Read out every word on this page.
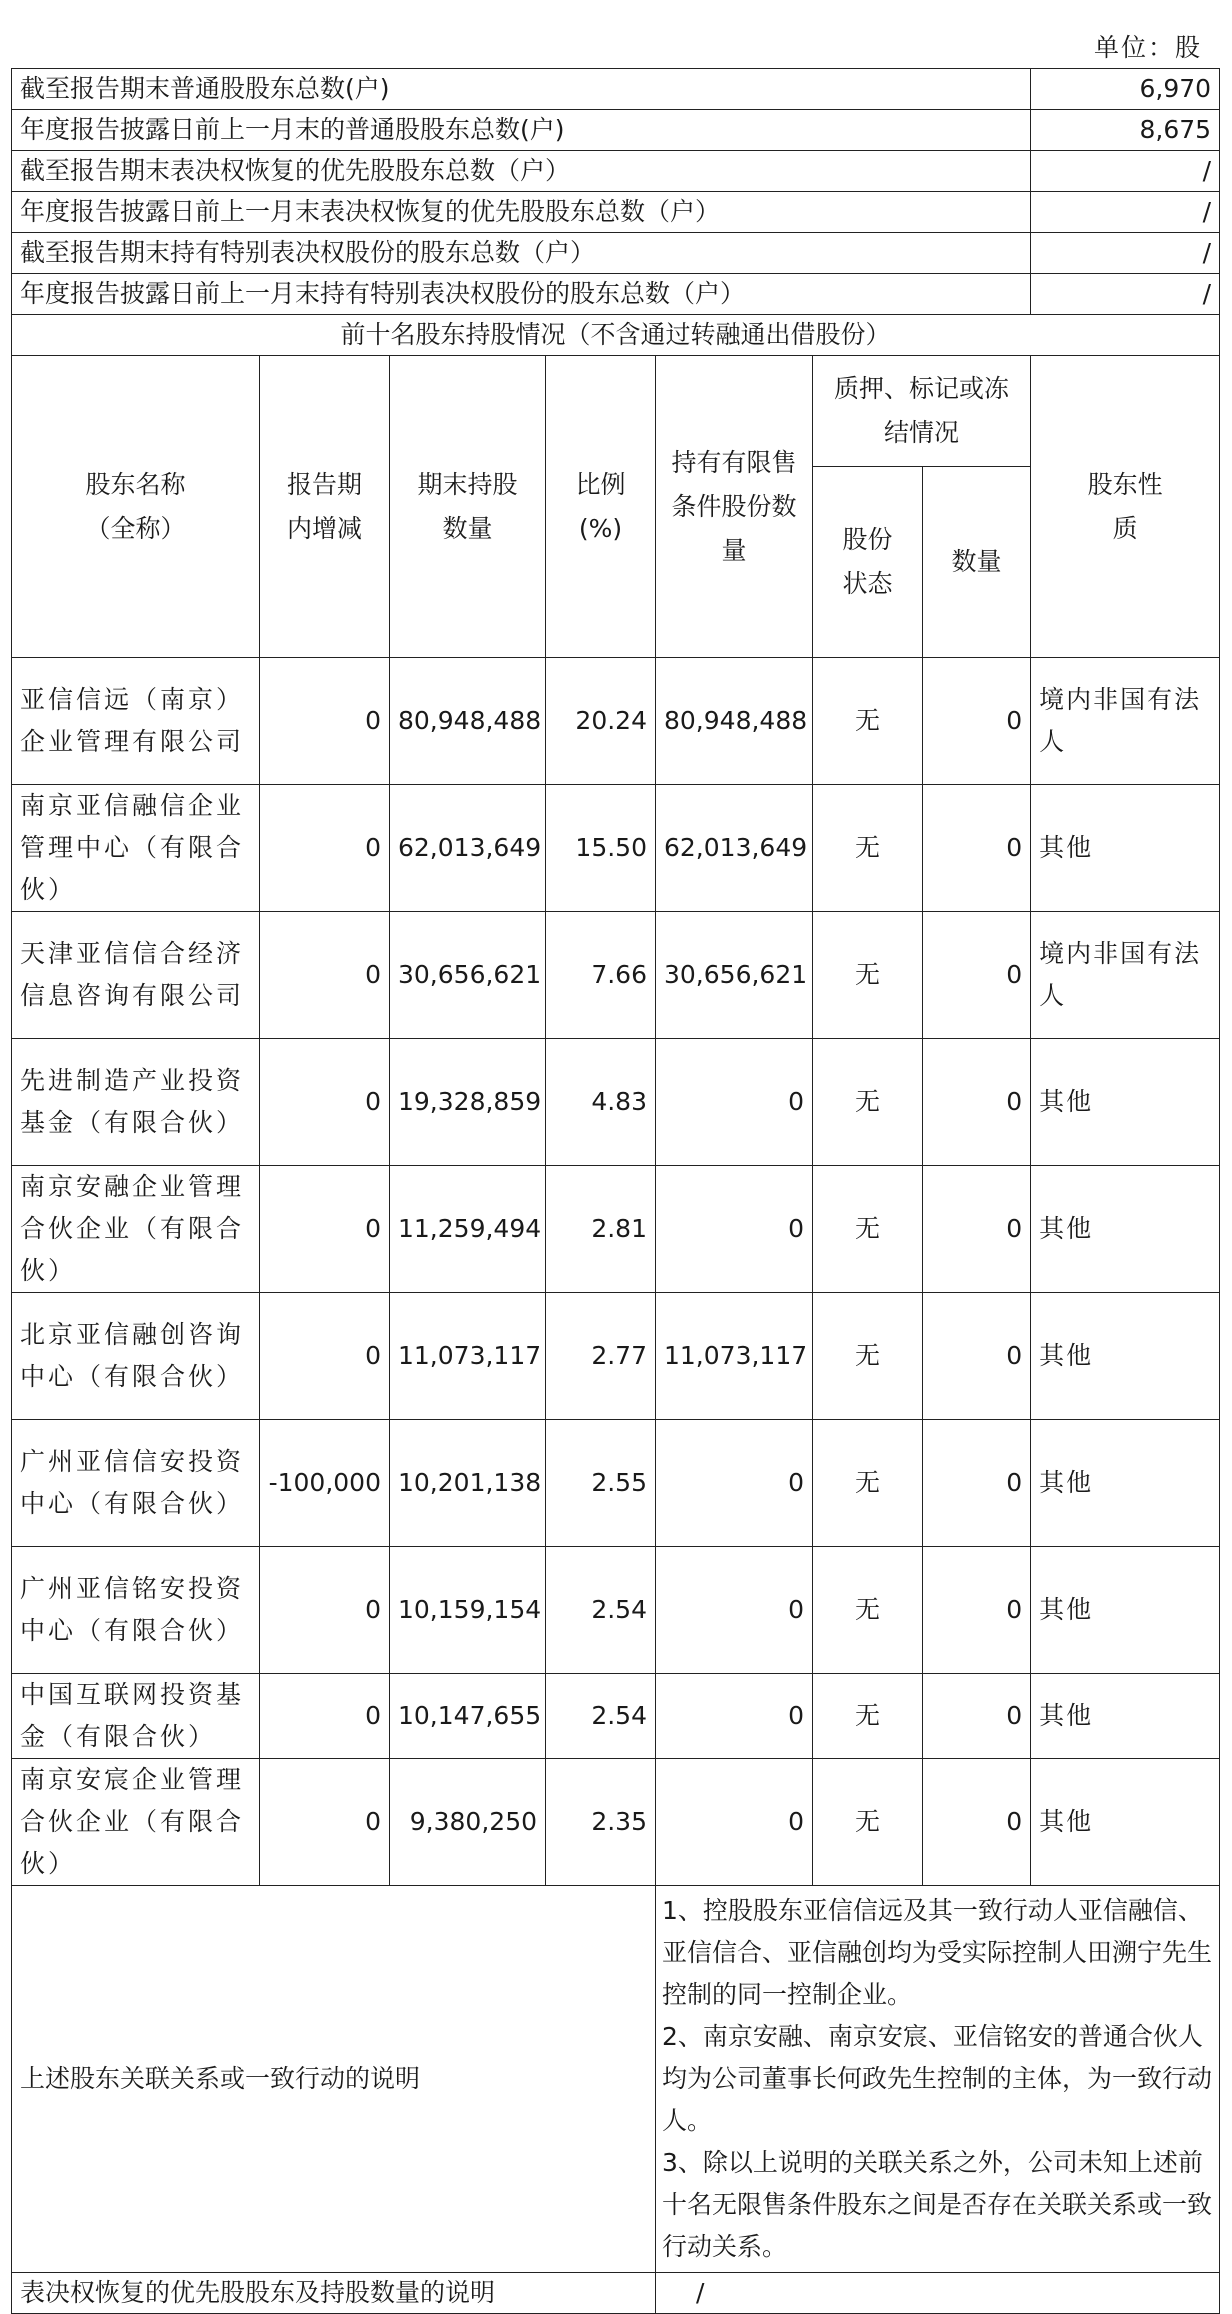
单位：股
截至报告期末普通股股东总数(户)							6,970
年度报告披露日前上一月末的普通股股东总数(户)							8,675
截至报告期末表决权恢复的优先股股东总数（户）							/
年度报告披露日前上一月末表决权恢复的优先股股东总数（户）							/
截至报告期末持有特别表决权股份的股东总数（户）							/
年度报告披露日前上一月末持有特别表决权股份的股东总数（户）							/
前十名股东持股情况（不含通过转融通出借股份）							
股东名称（全称）	报告期内增减	期末持股数量	比例(%)	持有有限售条件股份数量	质押、标记或冻结情况		股东性质
					股份状态	数量	
亚信信远（南京）企业管理有限公司	0	80,948,488	20.24	80,948,488	无	0	境内非国有法人
南京亚信融信企业管理中心（有限合伙）	0	62,013,649	15.50	62,013,649	无	0	其他
天津亚信信合经济信息咨询有限公司	0	30,656,621	7.66	30,656,621	无	0	境内非国有法人
先进制造产业投资基金（有限合伙）	0	19,328,859	4.83	0	无	0	其他
南京安融企业管理合伙企业（有限合伙）	0	11,259,494	2.81	0	无	0	其他
北京亚信融创咨询中心（有限合伙）	0	11,073,117	2.77	11,073,117	无	0	其他
广州亚信信安投资中心（有限合伙）	-100,000	10,201,138	2.55	0	无	0	其他
广州亚信铭安投资中心（有限合伙）	0	10,159,154	2.54	0	无	0	其他
中国互联网投资基金（有限合伙）	0	10,147,655	2.54	0	无	0	其他
南京安宸企业管理合伙企业（有限合伙）	0	9,380,250	2.35	0	无	0	其他
上述股东关联关系或一致行动的说明				1、控股股东亚信信远及其一致行动人亚信融信、亚信信合、亚信融创均为受实际控制人田溯宁先生控制的同一控制企业。
2、南京安融、南京安宸、亚信铭安的普通合伙人均为公司董事长何政先生控制的主体，为一致行动人。
3、除以上说明的关联关系之外，公司未知上述前十名无限售条件股东之间是否存在关联关系或一致行动关系。			

表决权恢复的优先股股东及持股数量的说明				/			
